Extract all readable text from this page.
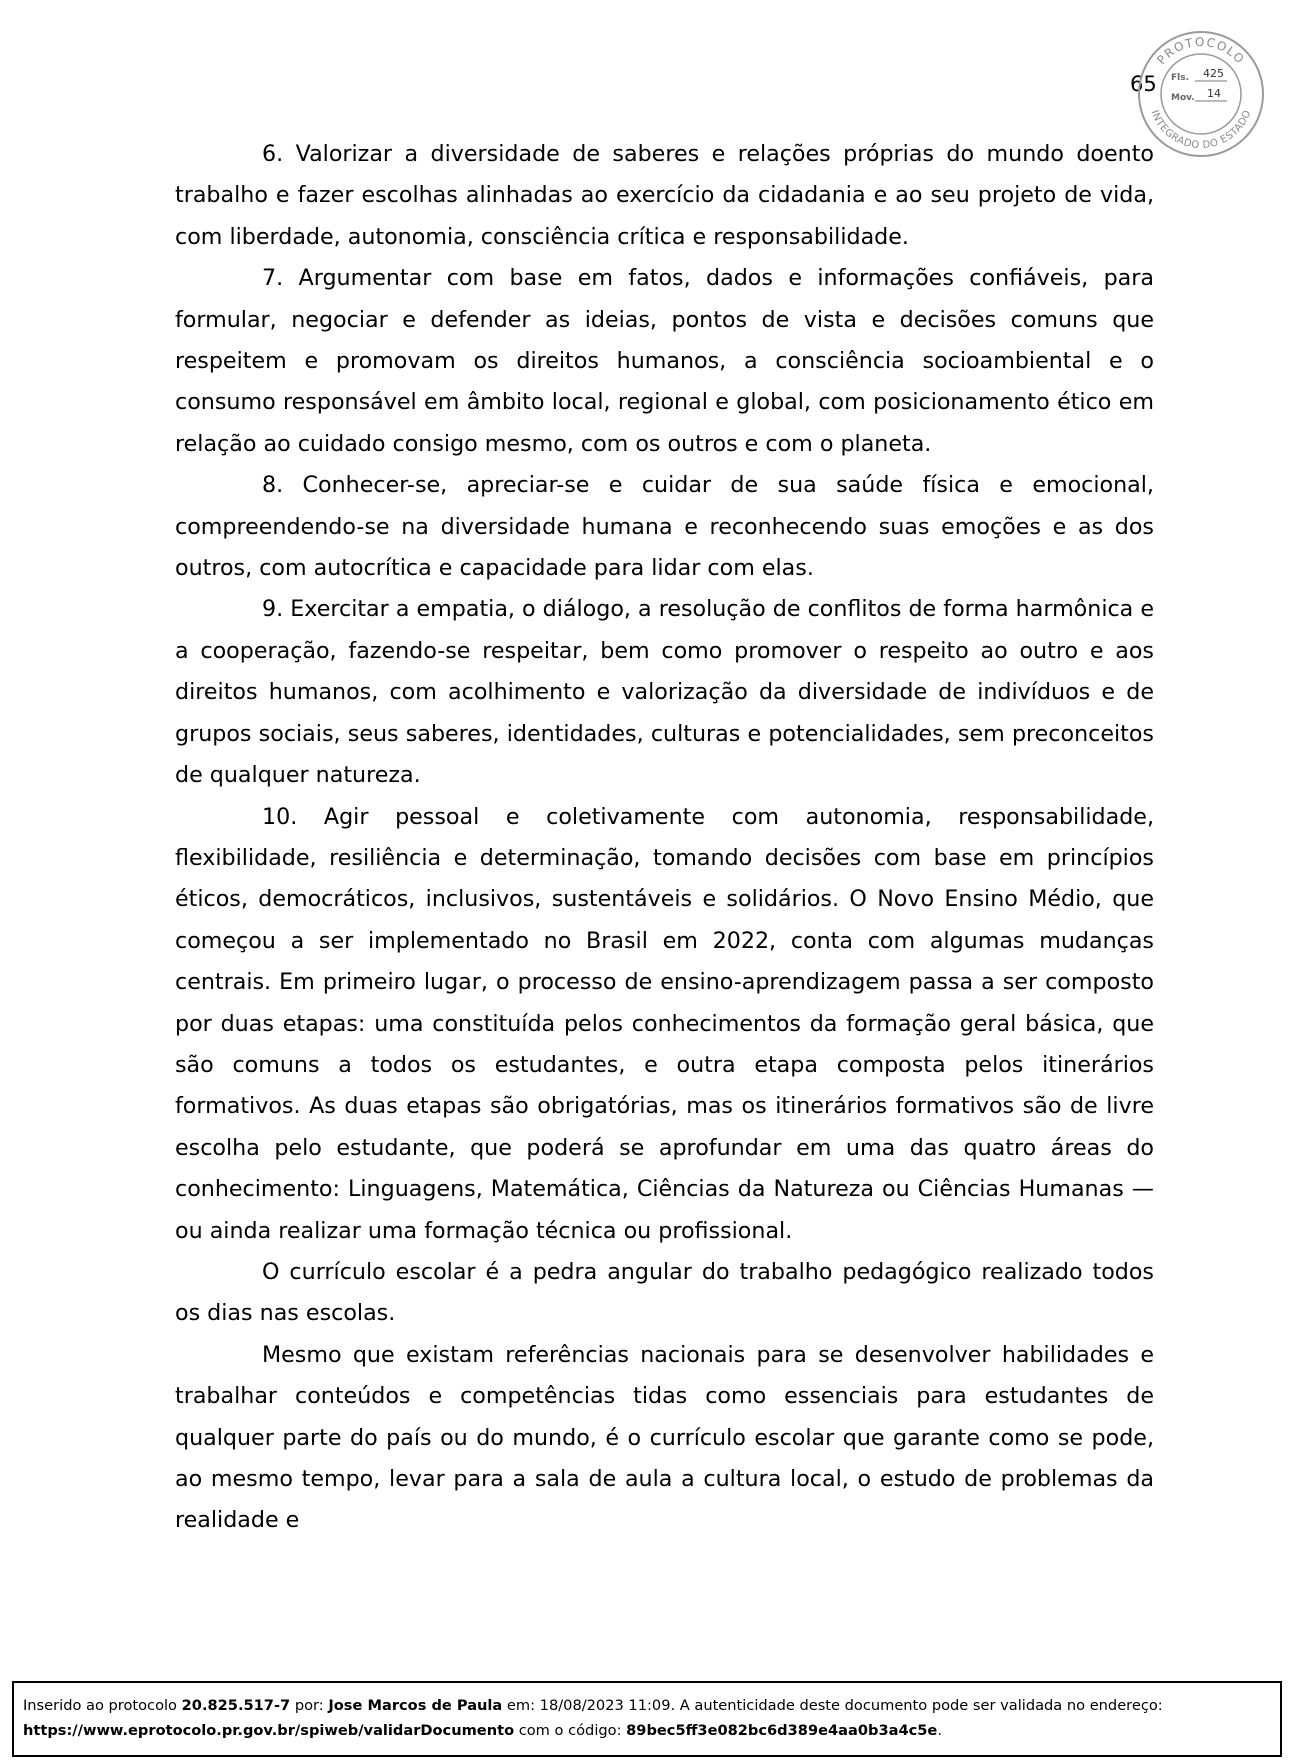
65
PROTOCOLO
INTEGRADO DO ESTADO
Fls. 425
Mov. 14

6. Valorizar a diversidade de saberes e relações próprias do mundo doento trabalho e fazer escolhas alinhadas ao exercício da cidadania e ao seu projeto de vida, com liberdade, autonomia, consciência crítica e responsabilidade.

7. Argumentar com base em fatos, dados e informações confiáveis, para formular, negociar e defender as ideias, pontos de vista e decisões comuns que respeitem e promovam os direitos humanos, a consciência socioambiental e o consumo responsável em âmbito local, regional e global, com posicionamento ético em relação ao cuidado consigo mesmo, com os outros e com o planeta.

8. Conhecer-se, apreciar-se e cuidar de sua saúde física e emocional, compreendendo-se na diversidade humana e reconhecendo suas emoções e as dos outros, com autocrítica e capacidade para lidar com elas.

9. Exercitar a empatia, o diálogo, a resolução de conflitos de forma harmônica e a cooperação, fazendo-se respeitar, bem como promover o respeito ao outro e aos direitos humanos, com acolhimento e valorização da diversidade de indivíduos e de grupos sociais, seus saberes, identidades, culturas e potencialidades, sem preconceitos de qualquer natureza.

10. Agir pessoal e coletivamente com autonomia, responsabilidade, flexibilidade, resiliência e determinação, tomando decisões com base em princípios éticos, democráticos, inclusivos, sustentáveis e solidários. O Novo Ensino Médio, que começou a ser implementado no Brasil em 2022, conta com algumas mudanças centrais. Em primeiro lugar, o processo de ensino-aprendizagem passa a ser composto por duas etapas: uma constituída pelos conhecimentos da formação geral básica, que são comuns a todos os estudantes, e outra etapa composta pelos itinerários formativos. As duas etapas são obrigatórias, mas os itinerários formativos são de livre escolha pelo estudante, que poderá se aprofundar em uma das quatro áreas do conhecimento: Linguagens, Matemática, Ciências da Natureza ou Ciências Humanas — ou ainda realizar uma formação técnica ou profissional.

O currículo escolar é a pedra angular do trabalho pedagógico realizado todos os dias nas escolas.

Mesmo que existam referências nacionais para se desenvolver habilidades e trabalhar conteúdos e competências tidas como essenciais para estudantes de qualquer parte do país ou do mundo, é o currículo escolar que garante como se pode, ao mesmo tempo, levar para a sala de aula a cultura local, o estudo de problemas da realidade e

Inserido ao protocolo 20.825.517-7 por: Jose Marcos de Paula em: 18/08/2023 11:09. A autenticidade deste documento pode ser validada no endereço:
https://www.eprotocolo.pr.gov.br/spiweb/validarDocumento com o código: 89bec5ff3e082bc6d389e4aa0b3a4c5e.
